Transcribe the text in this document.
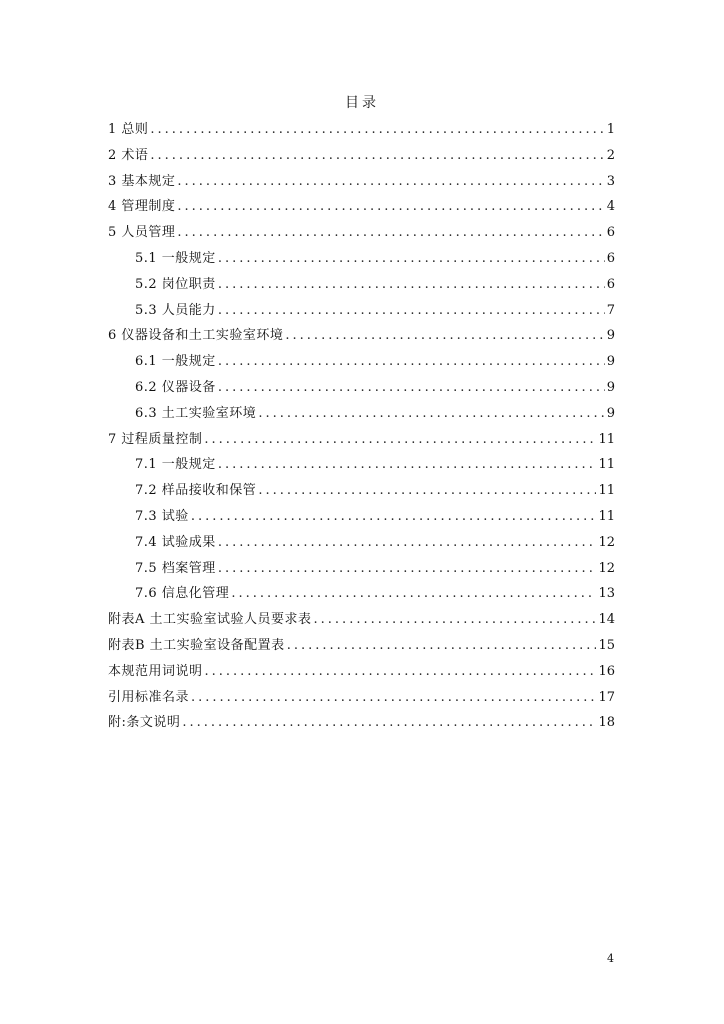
目录
1 总则 .....	1
2 术语 .....	2
3 基本规定 .....	3
4 管理制度 .....	4
5 人员管理 .....	6
5.1 一般规定 .....	6
5.2 岗位职责 .....	6
5.3 人员能力 .....	7
6 仪器设备和土工实验室环境 .....	9
6.1 一般规定 .....	9
6.2 仪器设备 .....	9
6.3 土工实验室环境 .....	9
7 过程质量控制 .....	11
7.1 一般规定 .....	11
7.2 样品接收和保管 .....	11
7.3 试验 .....	11
7.4 试验成果 .....	12
7.5 档案管理 .....	12
7.6 信息化管理 .....	13
附表A 土工实验室试验人员要求表 .....	14
附表B 土工实验室设备配置表 .....	15
本规范用词说明 .....	16
引用标准名录 .....	17
附:条文说明 .....	18
4
